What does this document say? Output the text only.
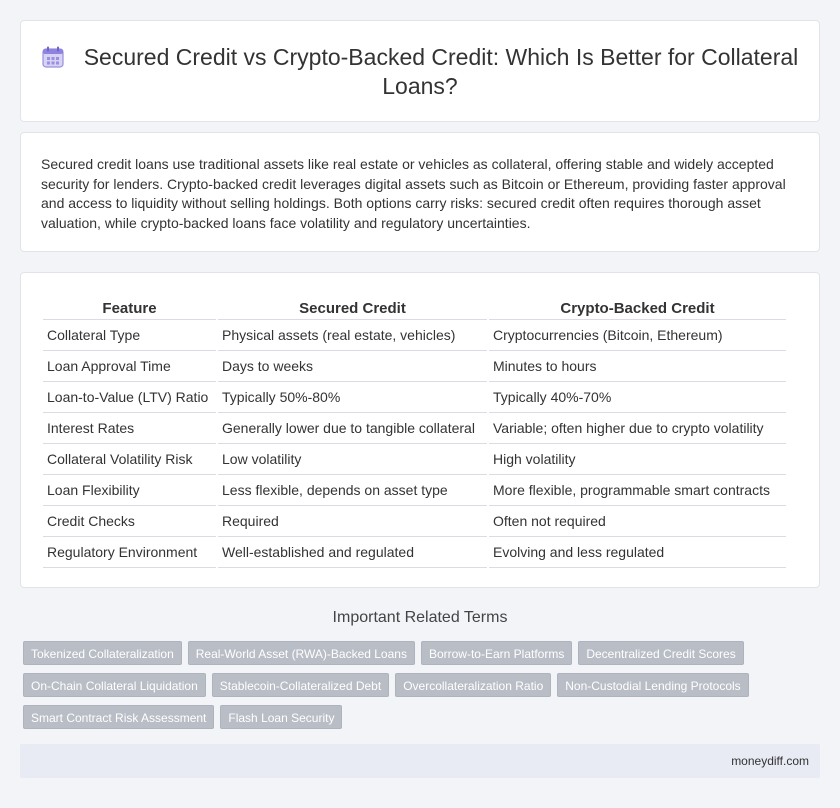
Secured Credit vs Crypto-Backed Credit: Which Is Better for Collateral Loans?

Secured credit loans use traditional assets like real estate or vehicles as collateral, offering stable and widely accepted security for lenders. Crypto-backed credit leverages digital assets such as Bitcoin or Ethereum, providing faster approval and access to liquidity without selling holdings. Both options carry risks: secured credit often requires thorough asset valuation, while crypto-backed loans face volatility and regulatory uncertainties.

Feature	Secured Credit	Crypto-Backed Credit
Collateral Type	Physical assets (real estate, vehicles)	Cryptocurrencies (Bitcoin, Ethereum)
Loan Approval Time	Days to weeks	Minutes to hours
Loan-to-Value (LTV) Ratio	Typically 50%-80%	Typically 40%-70%
Interest Rates	Generally lower due to tangible collateral	Variable; often higher due to crypto volatility
Collateral Volatility Risk	Low volatility	High volatility
Loan Flexibility	Less flexible, depends on asset type	More flexible, programmable smart contracts
Credit Checks	Required	Often not required
Regulatory Environment	Well-established and regulated	Evolving and less regulated
Important Related Terms
Tokenized Collateralization Real-World Asset (RWA)-Backed Loans Borrow-to-Earn Platforms Decentralized Credit Scores
On-Chain Collateral Liquidation Stablecoin-Collateralized Debt Overcollateralization Ratio Non-Custodial Lending Protocols
Smart Contract Risk Assessment Flash Loan Security
moneydiff.com
